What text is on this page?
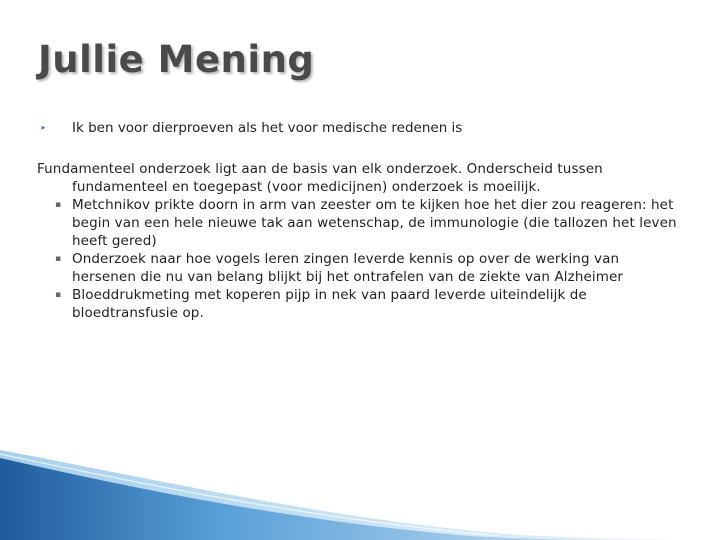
Jullie Mening
➤ Ik ben voor dierproeven als het voor medische redenen is
Fundamenteel onderzoek ligt aan de basis van elk onderzoek. Onderscheid tussen fundamenteel en toegepast (voor medicijnen) onderzoek is moeilijk.
▪ Metchnikov prikte doorn in arm van zeester om te kijken hoe het dier zou reageren: het begin van een hele nieuwe tak aan wetenschap, de immunologie (die tallozen het leven heeft gered)
▪ Onderzoek naar hoe vogels leren zingen leverde kennis op over de werking van hersenen die nu van belang blijkt bij het ontrafelen van de ziekte van Alzheimer
▪ Bloeddrukmeting met koperen pijp in nek van paard leverde uiteindelijk de bloedtransfusie op.
